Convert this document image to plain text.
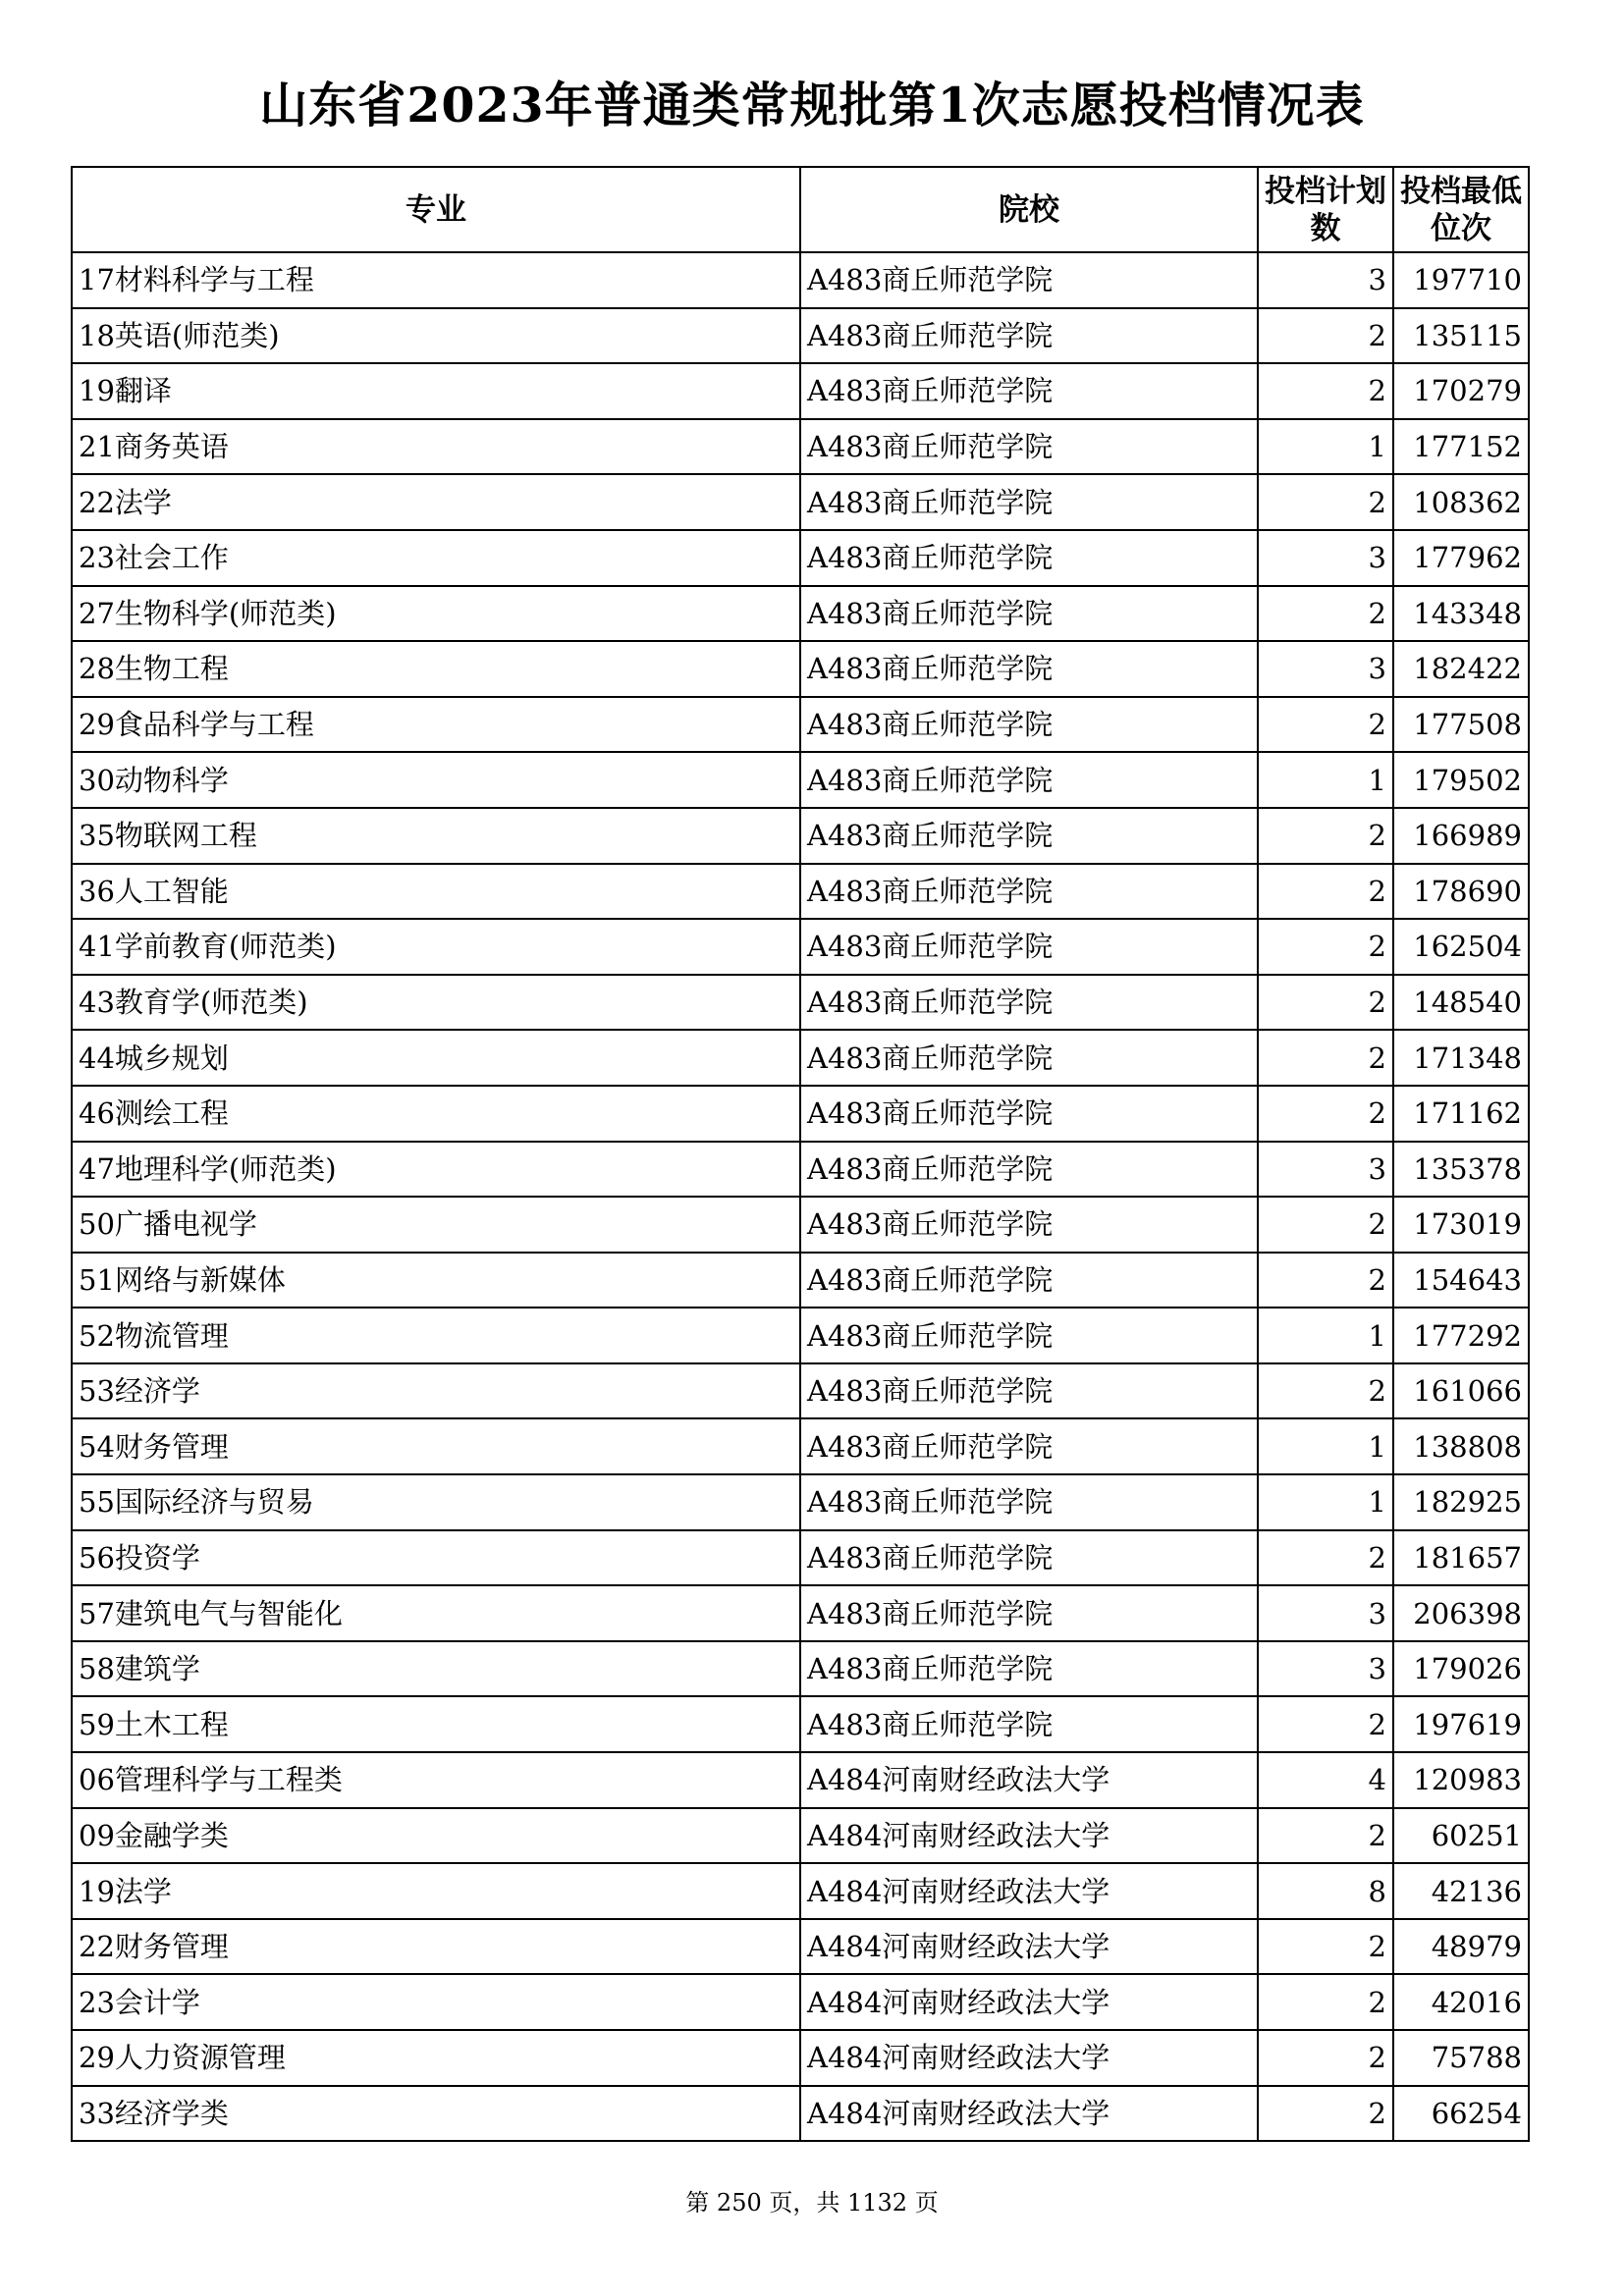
山东省2023年普通类常规批第1次志愿投档情况表
专业	院校	投档计划数	投档最低位次
17材料科学与工程	A483商丘师范学院	3	197710
18英语(师范类)	A483商丘师范学院	2	135115
19翻译	A483商丘师范学院	2	170279
21商务英语	A483商丘师范学院	1	177152
22法学	A483商丘师范学院	2	108362
23社会工作	A483商丘师范学院	3	177962
27生物科学(师范类)	A483商丘师范学院	2	143348
28生物工程	A483商丘师范学院	3	182422
29食品科学与工程	A483商丘师范学院	2	177508
30动物科学	A483商丘师范学院	1	179502
35物联网工程	A483商丘师范学院	2	166989
36人工智能	A483商丘师范学院	2	178690
41学前教育(师范类)	A483商丘师范学院	2	162504
43教育学(师范类)	A483商丘师范学院	2	148540
44城乡规划	A483商丘师范学院	2	171348
46测绘工程	A483商丘师范学院	2	171162
47地理科学(师范类)	A483商丘师范学院	3	135378
50广播电视学	A483商丘师范学院	2	173019
51网络与新媒体	A483商丘师范学院	2	154643
52物流管理	A483商丘师范学院	1	177292
53经济学	A483商丘师范学院	2	161066
54财务管理	A483商丘师范学院	1	138808
55国际经济与贸易	A483商丘师范学院	1	182925
56投资学	A483商丘师范学院	2	181657
57建筑电气与智能化	A483商丘师范学院	3	206398
58建筑学	A483商丘师范学院	3	179026
59土木工程	A483商丘师范学院	2	197619
06管理科学与工程类	A484河南财经政法大学	4	120983
09金融学类	A484河南财经政法大学	2	60251
19法学	A484河南财经政法大学	8	42136
22财务管理	A484河南财经政法大学	2	48979
23会计学	A484河南财经政法大学	2	42016
29人力资源管理	A484河南财经政法大学	2	75788
33经济学类	A484河南财经政法大学	2	66254
第 250 页，共 1132 页
